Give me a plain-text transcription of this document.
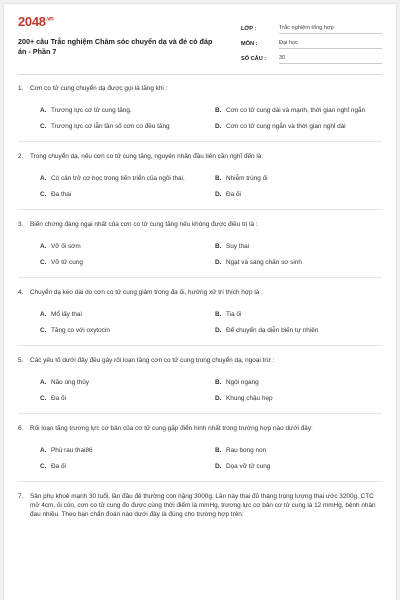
$2048^{.vn}$
200+ câu Trắc nghiệm Chăm sóc chuyển dạ và đẻ có đáp án - Phần 7
LỚP :	Trắc nghiệm tổng hợp
MÔN :	Đại học
SỐ CÂU :	30
1.	Cơn co tử cung chuyển dạ được gọi là tăng khi :
A. Trương lực cơ tử cung tăng.	B. Cơn co tử cung dài và mạnh, thời gian nghỉ ngắn
C. Trương lực cơ lẫn tần số cơn co đều tăng	D. Cơn co tử cung ngắn và thời gian nghỉ dài
2.	Trong chuyển dạ, nếu cơn co tử cung tăng, nguyên nhân đầu tiên cần nghĩ đến là:
A. Có cản trở cơ học trong tiến triển của ngôi thai.	B. Nhiễm trùng ối
C. Đa thai	D. Đa ối
3.	Biến chứng đáng ngại nhất của cơn co tử cung tăng nếu không được điều trị là :
A. Vỡ ối sớm	B. Suy thai
C. Vỡ tử cung	D. Ngạt và sang chấn sơ sinh
4.	Chuyển dạ kéo dài do cơn co tử cung giảm trong đa ối, hướng xử trí thích hợp là :
A. Mổ lấy thai	B. Tia ối
C. Tăng co với oxytocin	D. Để chuyển dạ diễn biến tự nhiên
5.	Các yếu tố dưới đây đều gây rối loạn tăng cơn co tử cung trong chuyển dạ, ngoại trừ :
A. Não úng thủy	B. Ngôi ngang
C. Đa ối	D. Khung chậu hẹp
6.	Rối loạn tăng trương lực cơ bản của cơ tử cung gặp điển hình nhất trong trường hợp nào dưới đây:
A. Phù rau thai86	B. Rau bong non
C. Đa ối	D. Dọa vỡ tử cung
7.	Sản phụ khoẻ mạnh 30 tuổi, lần đầu đẻ thường con nặng 3000g. Lần này thai đủ tháng trọng lượng thai ước 3200g. CTC mở 4cm, ối còn, cơn co tử cung đo được cùng thời điểm là mmHg, trương lực cơ bản cơ tử cung là 12 mmHg, bệnh nhân đau nhiều. Theo bạn chẩn đoán nào dưới đây là đúng cho trường hợp trên:
